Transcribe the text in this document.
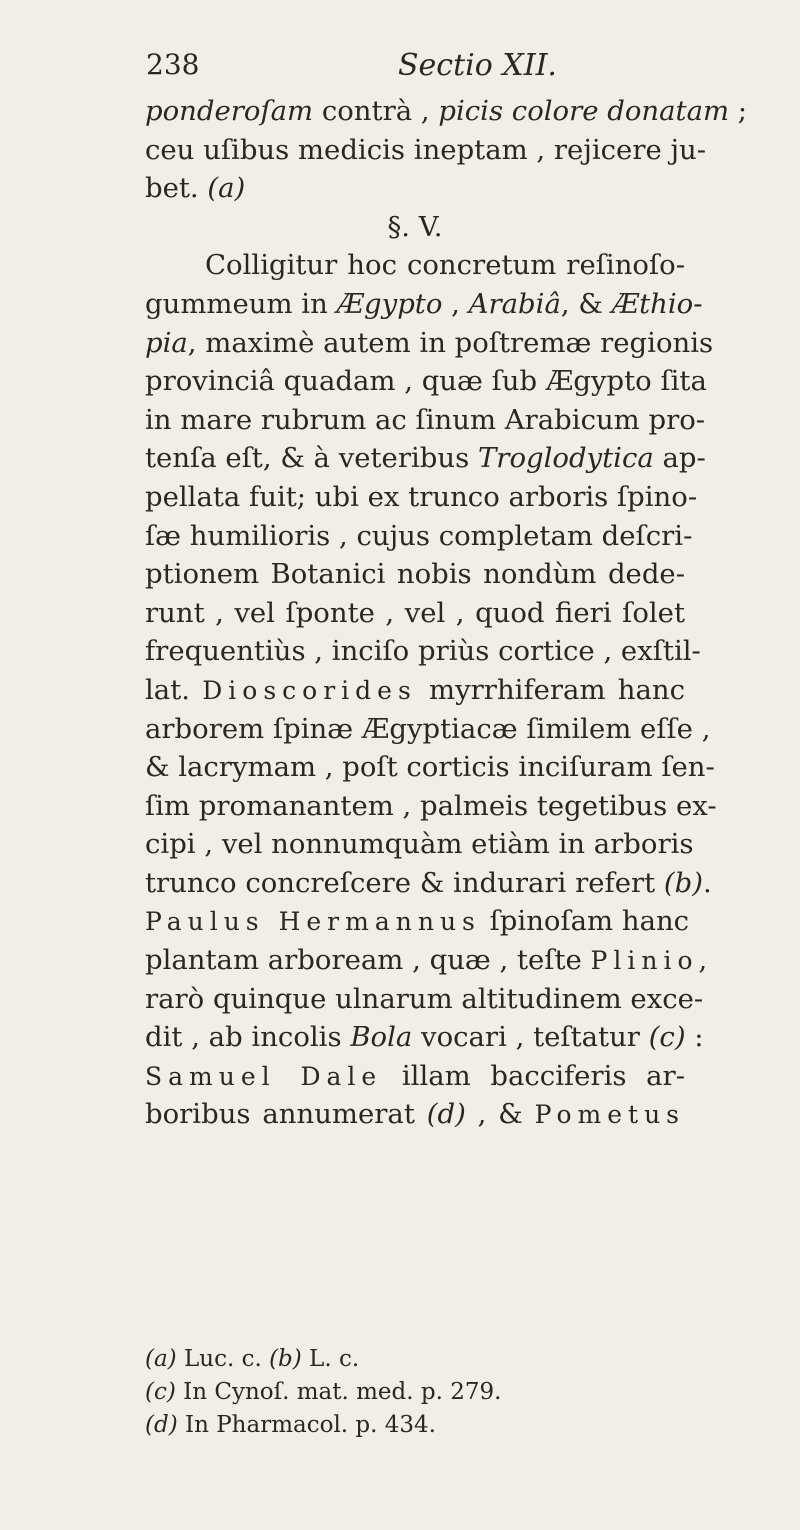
238	Sectio XII.
ponderoſam contrà , picis colore donatam ;
ceu uſibus medicis ineptam , rejicere ju-
bet. (a)
§. V.
Colligitur hoc concretum reſinoſo-
gummeum in Ægypto , Arabiâ, & Æthio-
pia, maximè autem in poſtremæ regionis
provinciâ quadam , quæ ſub Ægypto ſita
in mare rubrum ac ſinum Arabicum pro-
tenſa eſt, & à veteribus Troglodytica ap-
pellata fuit; ubi ex trunco arboris ſpino-
ſæ humilioris , cujus completam deſcri-
ptionem Botanici nobis nondùm dede-
runt , vel ſponte , vel , quod fieri ſolet
frequentiùs , inciſo priùs cortice , exſtil-
lat. Dioscorides myrrhiferam hanc
arborem ſpinæ Ægyptiacæ ſimilem eſſe ,
& lacrymam , poſt corticis inciſuram ſen-
ſim promanantem , palmeis tegetibus ex-
cipi , vel nonnumquàm etiàm in arboris
trunco concreſcere & indurari refert (b).
Paulus Hermannus ſpinoſam hanc
plantam arboream , quæ , teſte Plinio,
rarò quinque ulnarum altitudinem exce-
dit , ab incolis Bola vocari , teſtatur (c) :
Samuel Dale illam bacciferis ar-
boribus annumerat (d) , & Pometus
(a) Luc. c. (b) L. c.
(c) In Cynoſ. mat. med. p. 279.
(d) In Pharmacol. p. 434.
